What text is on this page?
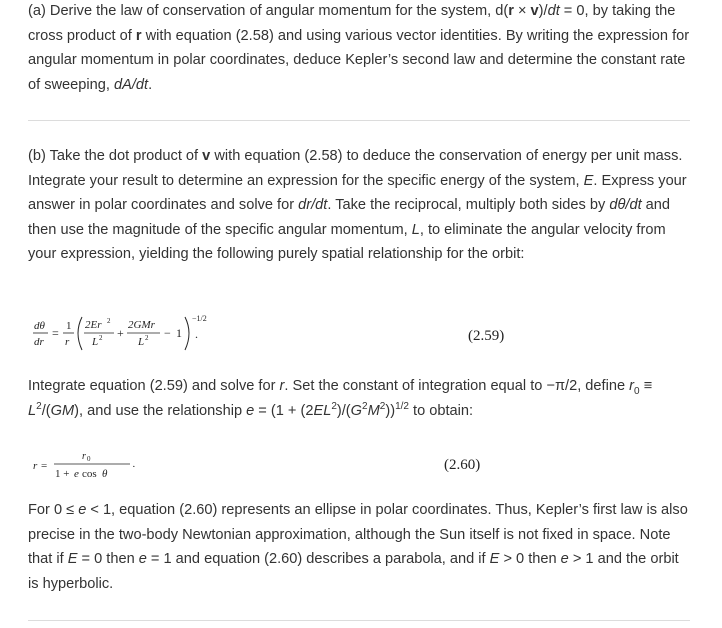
(a) Derive the law of conservation of angular momentum for the system, d(r × v)/dt = 0, by taking the cross product of r with equation (2.58) and using various vector identities. By writing the expression for angular momentum in polar coordinates, deduce Kepler’s second law and determine the constant rate of sweeping, dA/dt.

(b) Take the dot product of v with equation (2.58) to deduce the conservation of energy per unit mass. Integrate your result to determine an expression for the specific energy of the system, E. Express your answer in polar coordinates and solve for dr/dt. Take the reciprocal, multiply both sides by dθ/dt and then use the magnitude of the specific angular momentum, L, to eliminate the angular velocity from your expression, yielding the following purely spatial relationship for the orbit:

dθ
dr
= 1
r
2Er 2
L 2 +
2GMr
L 2 − 1
−1/2
.	(2.59)

Integrate equation (2.59) and solve for r. Set the constant of integration equal to −π/2, define $r_0 \equiv L^2/(GM)$, and use the relationship $e = (1 + (2EL^2)/(G^2M^2))^{1/2}$ to obtain:

r =
r 0
1 + e cos θ
·	(2.60)

For 0 ≤ e < 1, equation (2.60) represents an ellipse in polar coordinates. Thus, Kepler’s first law is also precise in the two-body Newtonian approximation, although the Sun itself is not fixed in space. Note that if E = 0 then e = 1 and equation (2.60) describes a parabola, and if E > 0 then e > 1 and the orbit is hyperbolic.
